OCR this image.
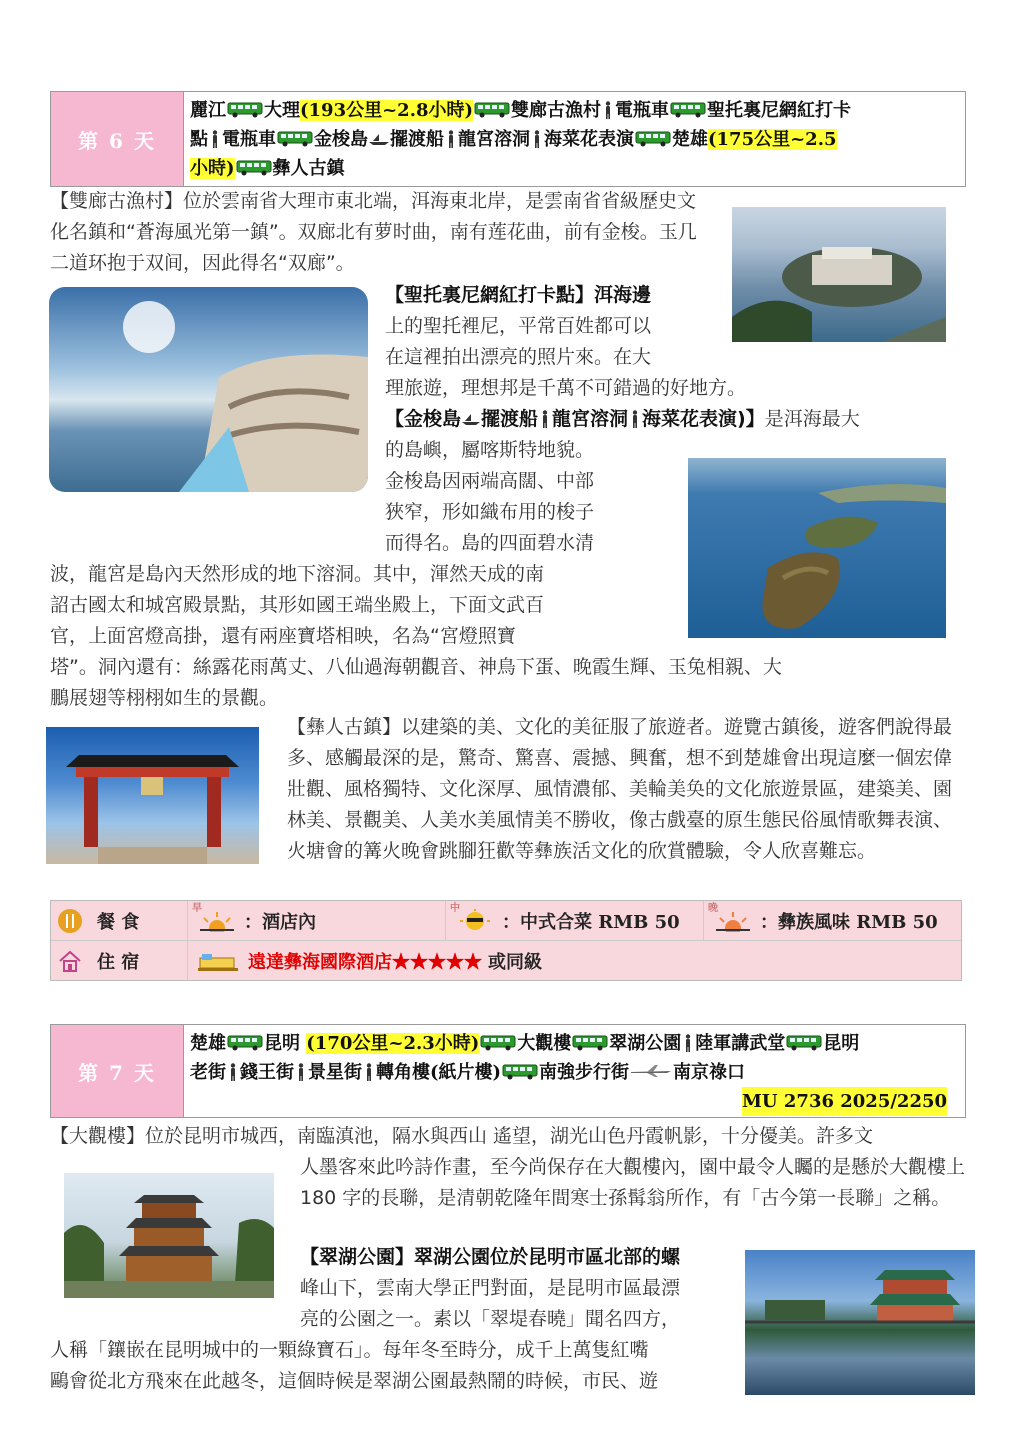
第 6 天
麗江 大理(193公里~2.8小時) 雙廊古漁村 電瓶車 聖托裏尼網紅打卡
點 電瓶車 金梭島 擺渡船 龍宮溶洞 海菜花表演 楚雄(175公里~2.5
小時) 彝人古鎮
【雙廊古漁村】位於雲南省大理市東北端，洱海東北岸，是雲南省省級歷史文化名鎮和“蒼海風光第一鎮”。双廊北有萝时曲，南有莲花曲，前有金梭。玉几二道环抱于双间，因此得名“双廊”。
【聖托裏尼網紅打卡點】洱海邊
上的聖托裡尼，平常百姓都可以
在這裡拍出漂亮的照片來。在大
理旅遊，理想邦是千萬不可錯過的好地方。
【金梭島 擺渡船 龍宮溶洞 海菜花表演)】是洱海最大
的島嶼，屬喀斯特地貌。
金梭島因兩端高闊、中部
狹窄，形如織布用的梭子
而得名。島的四面碧水清
波，龍宮是島內天然形成的地下溶洞。其中，渾然天成的南
詔古國太和城宮殿景點，其形如國王端坐殿上，下面文武百
官，上面宮燈高掛，還有兩座寶塔相映，名為“宮燈照寶
塔”。洞內還有：絲露花雨萬丈、八仙過海朝觀音、神鳥下蛋、晚霞生輝、玉兔相親、大
鵬展翅等栩栩如生的景觀。
【彝人古鎮】以建築的美、文化的美征服了旅遊者。遊覽古鎮後，遊客們說得最多、感觸最深的是，驚奇、驚喜、震撼、興奮，想不到楚雄會出現這麼一個宏偉壯觀、風格獨特、文化深厚、風情濃郁、美輪美奂的文化旅遊景區，建築美、園林美、景觀美、人美水美風情美不勝收，像古戲臺的原生態民俗風情歌舞表演、火塘會的篝火晚會跳腳狂歡等彝族活文化的欣賞體驗，令人欣喜難忘。
餐 食
早
：酒店內
中
：中式合菜 RMB 50
晚
：彝族風味 RMB 50
住 宿	遠達彝海國際酒店★★★★★ 或同級
第 7 天
楚雄 昆明 (170公里~2.3小時) 大觀樓 翠湖公園 陸軍講武堂 昆明
老街 錢王街 景星街 轉角樓(紙片樓) 南強步行街 南京祿口
MU 2736 2025/2250
【大觀樓】位於昆明市城西，南臨滇池，隔水與西山 遙望，湖光山色丹霞帆影，十分優美。許多文
人墨客來此吟詩作畫，至今尚保存在大觀樓內，園中最令人矚的是懸於大觀樓上 180 字的長聯，是清朝乾隆年間寒士孫髯翁所作，有「古今第一長聯」之稱。
【翠湖公園】翠湖公園位於昆明市區北部的螺
峰山下，雲南大學正門對面，是昆明市區最漂
亮的公園之一。素以「翠堤春曉」聞名四方，
人稱「鑲嵌在昆明城中的一顆綠寶石」。每年冬至時分，成千上萬隻紅嘴
鷗會從北方飛來在此越冬，這個時候是翠湖公園最熱鬧的時候，市民、遊
